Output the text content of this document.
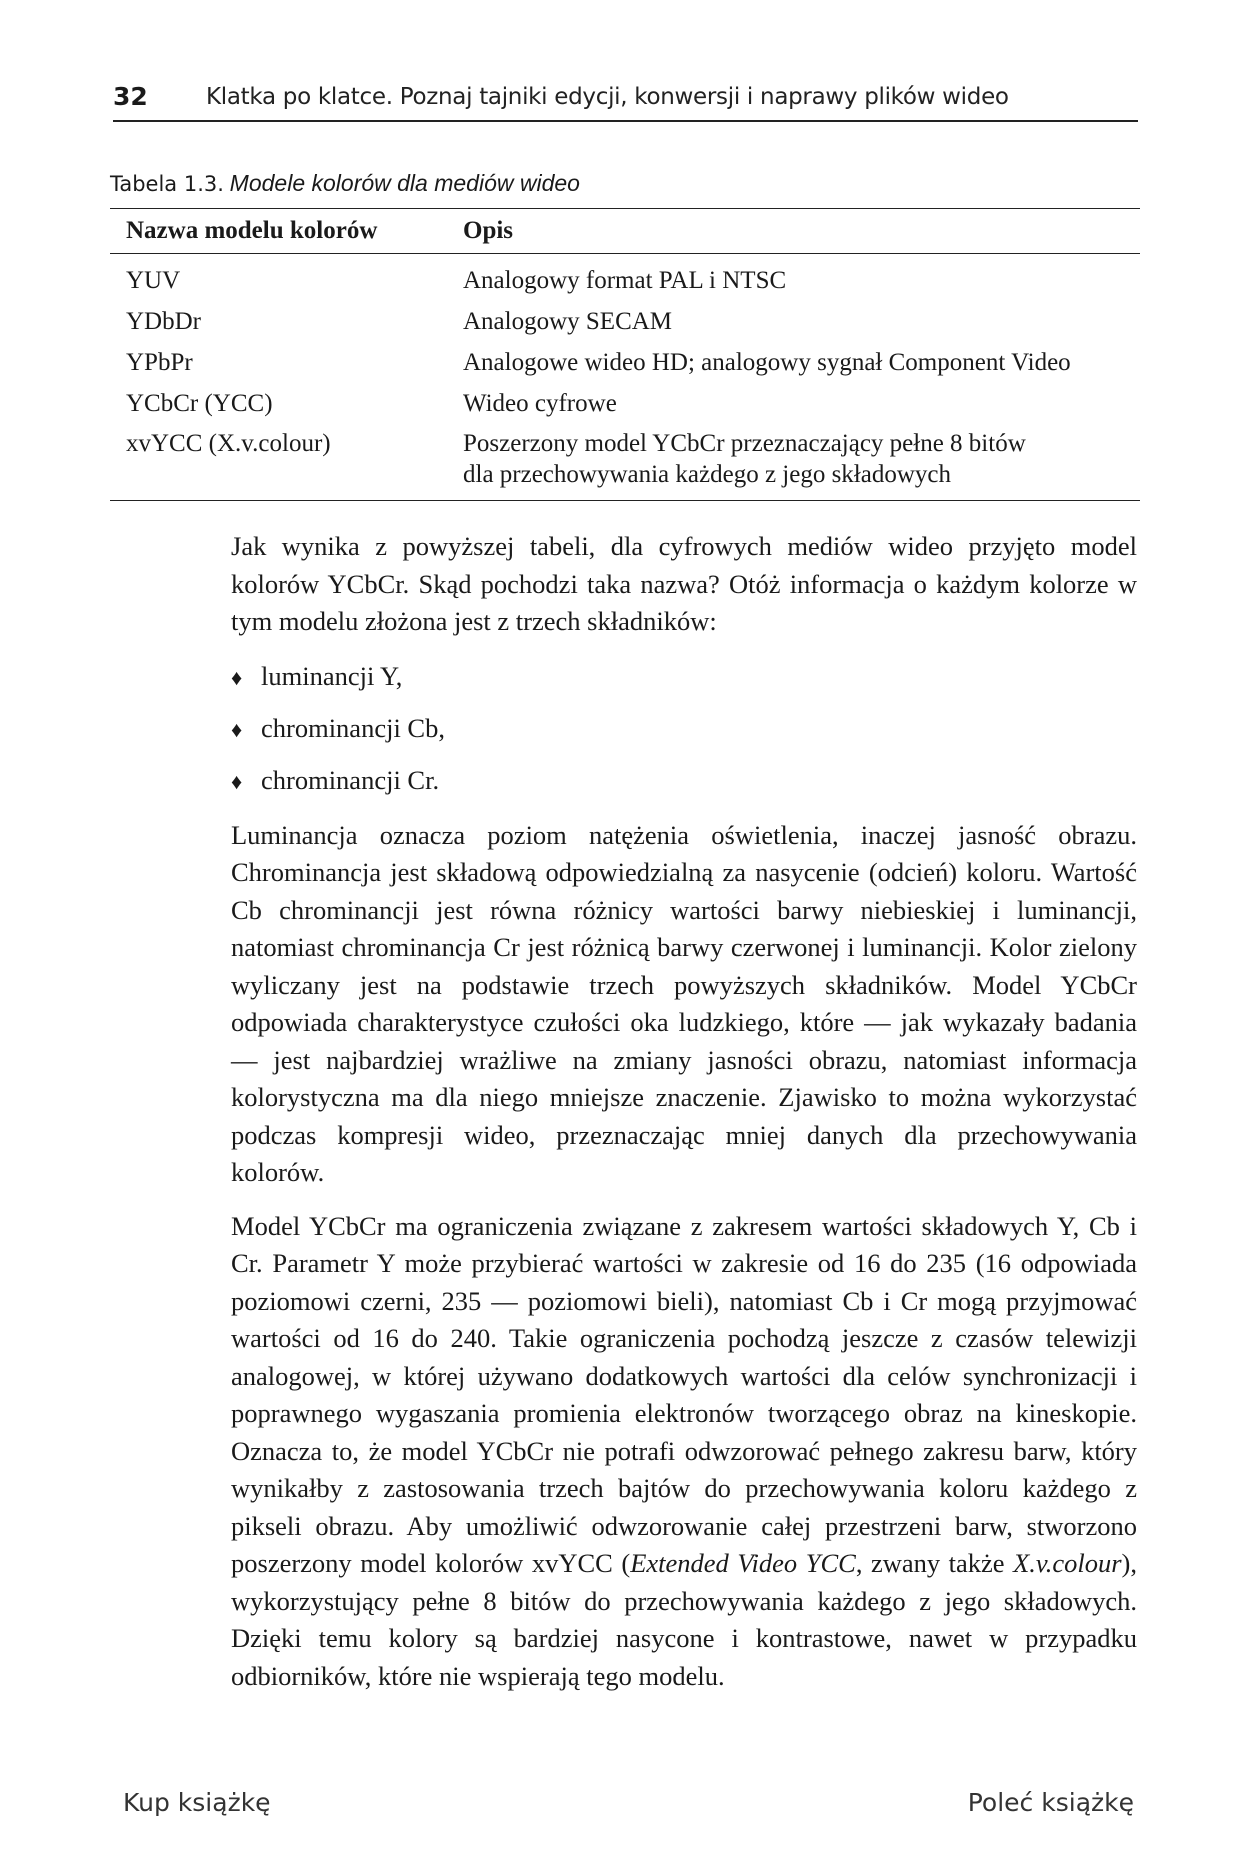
32	Klatka po klatce. Poznaj tajniki edycji, konwersji i naprawy plików wideo
Tabela 1.3. Modele kolorów dla mediów wideo
Nazwa modelu kolorów	Opis
YUV	Analogowy format PAL i NTSC
YDbDr	Analogowy SECAM
YPbPr	Analogowe wideo HD; analogowy sygnał Component Video
YCbCr (YCC)	Wideo cyfrowe
xvYCC (X.v.colour)	Poszerzony model YCbCr przeznaczający pełne 8 bitów
dla przechowywania każdego z jego składowych

Jak wynika z powyższej tabeli, dla cyfrowych mediów wideo przyjęto model kolorów YCbCr. Skąd pochodzi taka nazwa? Otóż informacja o każdym kolorze w tym modelu złożona jest z trzech składników:

♦ luminancji Y,
♦ chrominancji Cb,
♦ chrominancji Cr.

Luminancja oznacza poziom natężenia oświetlenia, inaczej jasność obrazu. Chrominancja jest składową odpowiedzialną za nasycenie (odcień) koloru. Wartość Cb chrominancji jest równa różnicy wartości barwy niebieskiej i luminancji, natomiast chrominancja Cr jest różnicą barwy czerwonej i luminancji. Kolor zielony wyliczany jest na podstawie trzech powyższych składników. Model YCbCr odpowiada charakterystyce czułości oka ludzkiego, które — jak wykazały badania — jest najbardziej wrażliwe na zmiany jasności obrazu, natomiast informacja kolorystyczna ma dla niego mniejsze znaczenie. Zjawisko to można wykorzystać podczas kompresji wideo, przeznaczając mniej danych dla przechowywania kolorów.

Model YCbCr ma ograniczenia związane z zakresem wartości składowych Y, Cb i Cr. Parametr Y może przybierać wartości w zakresie od 16 do 235 (16 odpowiada poziomowi czerni, 235 — poziomowi bieli), natomiast Cb i Cr mogą przyjmować wartości od 16 do 240. Takie ograniczenia pochodzą jeszcze z czasów telewizji analogowej, w której używano dodatkowych wartości dla celów synchronizacji i poprawnego wygaszania promienia elektronów tworzącego obraz na kineskopie. Oznacza to, że model YCbCr nie potrafi odwzorować pełnego zakresu barw, który wynikałby z zastosowania trzech bajtów do przechowywania koloru każdego z pikseli obrazu. Aby umożliwić odwzorowanie całej przestrzeni barw, stworzono poszerzony model kolorów xvYCC (Extended Video YCC, zwany także X.v.colour), wykorzystujący pełne 8 bitów do przechowywania każdego z jego składowych. Dzięki temu kolory są bardziej nasycone i kontrastowe, nawet w przypadku odbiorników, które nie wspierają tego modelu.

Kup książkę	Poleć książkę
